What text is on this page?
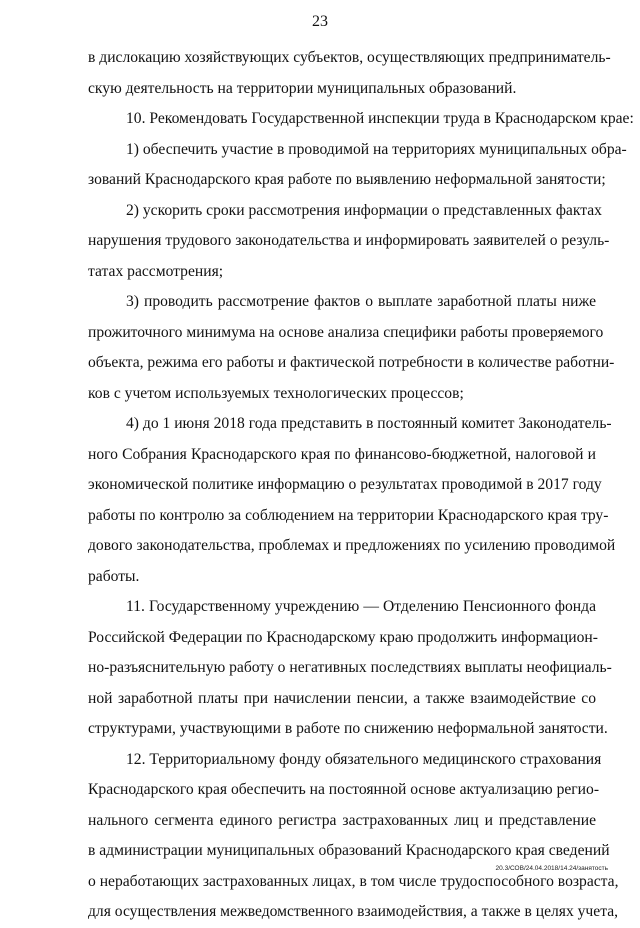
23
в дислокацию хозяйствующих субъектов, осуществляющих предприниматель-
скую деятельность на территории муниципальных образований.
10. Рекомендовать Государственной инспекции труда в Краснодарском крае:
1) обеспечить участие в проводимой на территориях муниципальных обра-
зований Краснодарского края работе по выявлению неформальной занятости;
2) ускорить сроки рассмотрения информации о представленных фактах
нарушения трудового законодательства и информировать заявителей о резуль-
татах рассмотрения;
3) проводить рассмотрение фактов о выплате заработной платы ниже
прожиточного минимума на основе анализа специфики работы проверяемого
объекта, режима его работы и фактической потребности в количестве работни-
ков с учетом используемых технологических процессов;
4) до 1 июня 2018 года представить в постоянный комитет Законодатель-
ного Собрания Краснодарского края по финансово-бюджетной, налоговой и
экономической политике информацию о результатах проводимой в 2017 году
работы по контролю за соблюдением на территории Краснодарского края тру-
дового законодательства, проблемах и предложениях по усилению проводимой
работы.
11. Государственному учреждению — Отделению Пенсионного фонда
Российской Федерации по Краснодарскому краю продолжить информацион-
но-разъяснительную работу о негативных последствиях выплаты неофициаль-
ной заработной платы при начислении пенсии, а также взаимодействие со
структурами, участвующими в работе по снижению неформальной занятости.
12. Территориальному фонду обязательного медицинского страхования
Краснодарского края обеспечить на постоянной основе актуализацию регио-
нального сегмента единого регистра застрахованных лиц и представление
в администрации муниципальных образований Краснодарского края сведений
о неработающих застрахованных лицах, в том числе трудоспособного возраста,
для осуществления межведомственного взаимодействия, а также в целях учета,
20.3/СОВ/24.04.2018/14.24/занятость
